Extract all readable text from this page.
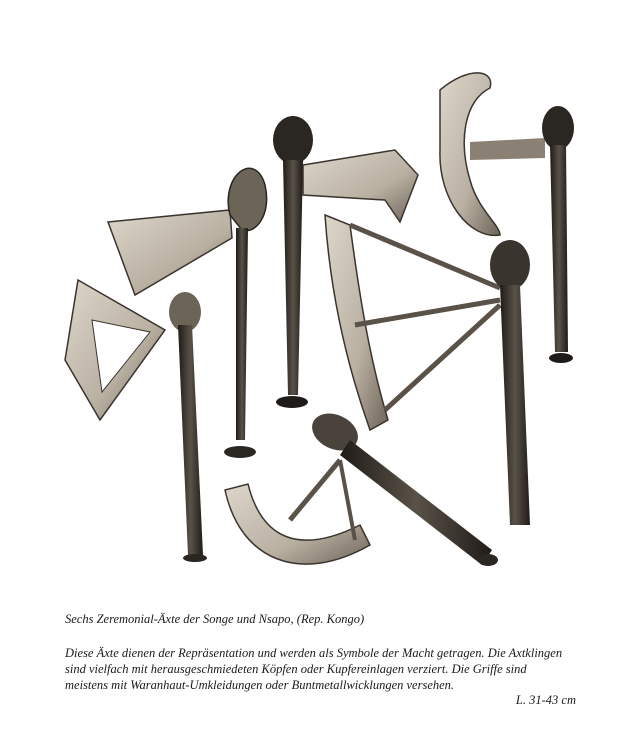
Sechs Zeremonial-Äxte der Songe und Nsapo, (Rep. Kongo)
Diese Äxte dienen der Repräsentation und werden als Symbole der Macht getragen. Die Axtklingen
sind vielfach mit herausgeschmiedeten Köpfen oder Kupfereinlagen verziert. Die Griffe sind
meistens mit Waranhaut-Umkleidungen oder Buntmetallwicklungen versehen.
L. 31-43 cm
